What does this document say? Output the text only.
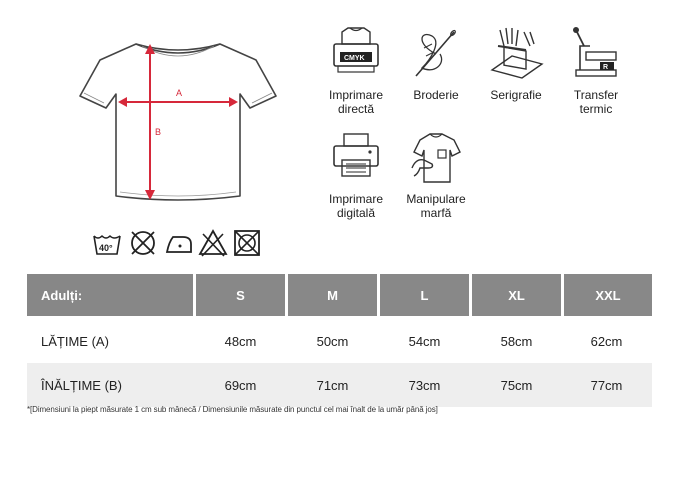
A
B
40°
CMYK
Imprimare
directă
Broderie	Serigrafie
R
Transfer
termic
Imprimare
digitală
Manipulare
marfă
Adulți:	S	M	L	XL	XXL

LĂȚIME (A)	48cm	50cm	54cm	58cm	62cm
ÎNĂLȚIME (B)	69cm	71cm	73cm	75cm	77cm
*[Dimensiuni la piept măsurate 1 cm sub mânecă / Dimensiunile măsurate din punctul cel mai înalt de la umăr până jos]
